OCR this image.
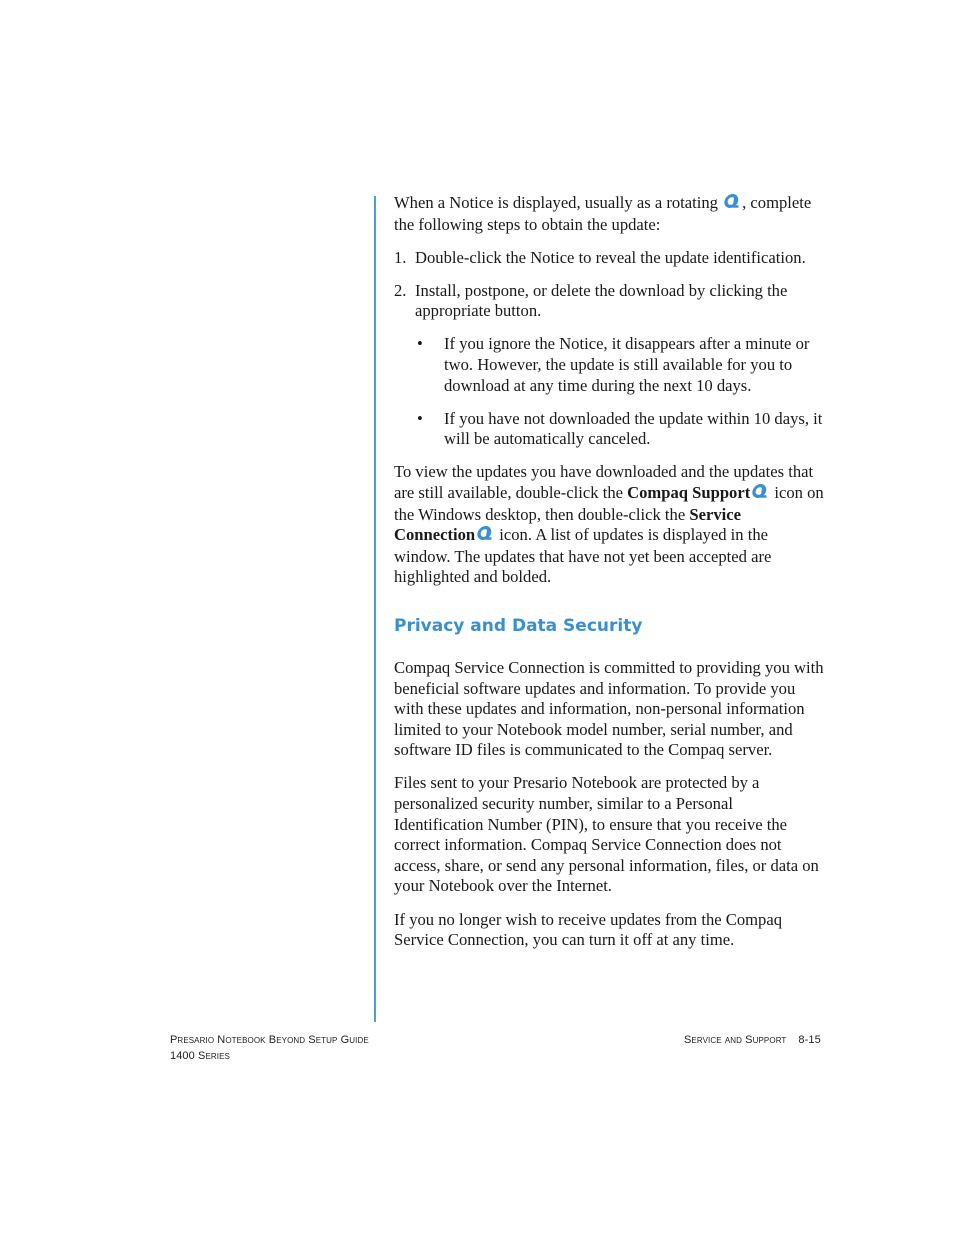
When a Notice is displayed, usually as a rotating , complete the following steps to obtain the update:

1. Double-click the Notice to reveal the update identification.
2. Install, postpone, or delete the download by clicking the appropriate button.
• If you ignore the Notice, it disappears after a minute or two. However, the update is still available for you to download at any time during the next 10 days.
• If you have not downloaded the update within 10 days, it will be automatically canceled.

To view the updates you have downloaded and the updates that are still available, double-click the Compaq Support icon on the Windows desktop, then double-click the Service Connection icon. A list of updates is displayed in the window. The updates that have not yet been accepted are highlighted and bolded.

Privacy and Data Security

Compaq Service Connection is committed to providing you with beneficial software updates and information. To provide you with these updates and information, non-personal information limited to your Notebook model number, serial number, and software ID files is communicated to the Compaq server.

Files sent to your Presario Notebook are protected by a personalized security number, similar to a Personal Identification Number (PIN), to ensure that you receive the correct information. Compaq Service Connection does not access, share, or send any personal information, files, or data on your Notebook over the Internet.

If you no longer wish to receive updates from the Compaq Service Connection, you can turn it off at any time.

Presario Notebook Beyond Setup Guide
1400 Series
Service and Support 8-15
